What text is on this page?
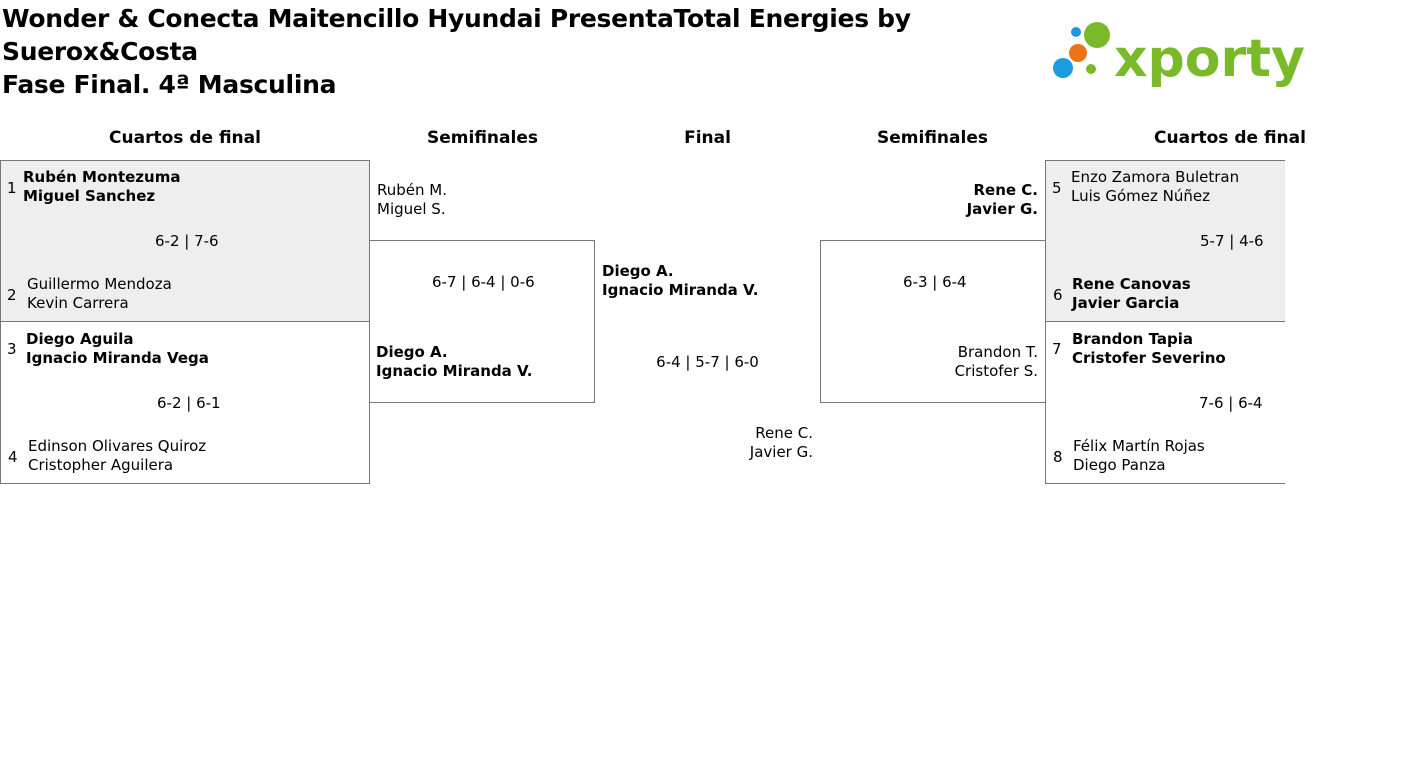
Wonder & Conecta Maitencillo Hyundai PresentaTotal Energies by
Suerox&Costa
Fase Final. 4ª Masculina	xporty
Cuartos de final	Semifinales	Final	Semifinales	Cuartos de final
1
Rubén Montezuma
Miguel Sanchez
6-2 | 7-6
2
Guillermo Mendoza
Kevin Carrera
3
Diego Aguila
Ignacio Miranda Vega
6-2 | 6-1
4
Edinson Olivares Quiroz
Cristopher Aguilera
Rubén M.
Miguel S.
6-7 | 6-4 | 0-6
Diego A.
Ignacio Miranda V.
Diego A.
Ignacio Miranda V.
6-4 | 5-7 | 6-0
Rene C.
Javier G.
Rene C.
Javier G.
6-3 | 6-4
Brandon T.
Cristofer S.
5
Enzo Zamora Buletran
Luis Gómez Núñez
5-7 | 4-6
6
Rene Canovas
Javier Garcia
7
Brandon Tapia
Cristofer Severino
7-6 | 6-4
8
Félix Martín Rojas
Diego Panza
